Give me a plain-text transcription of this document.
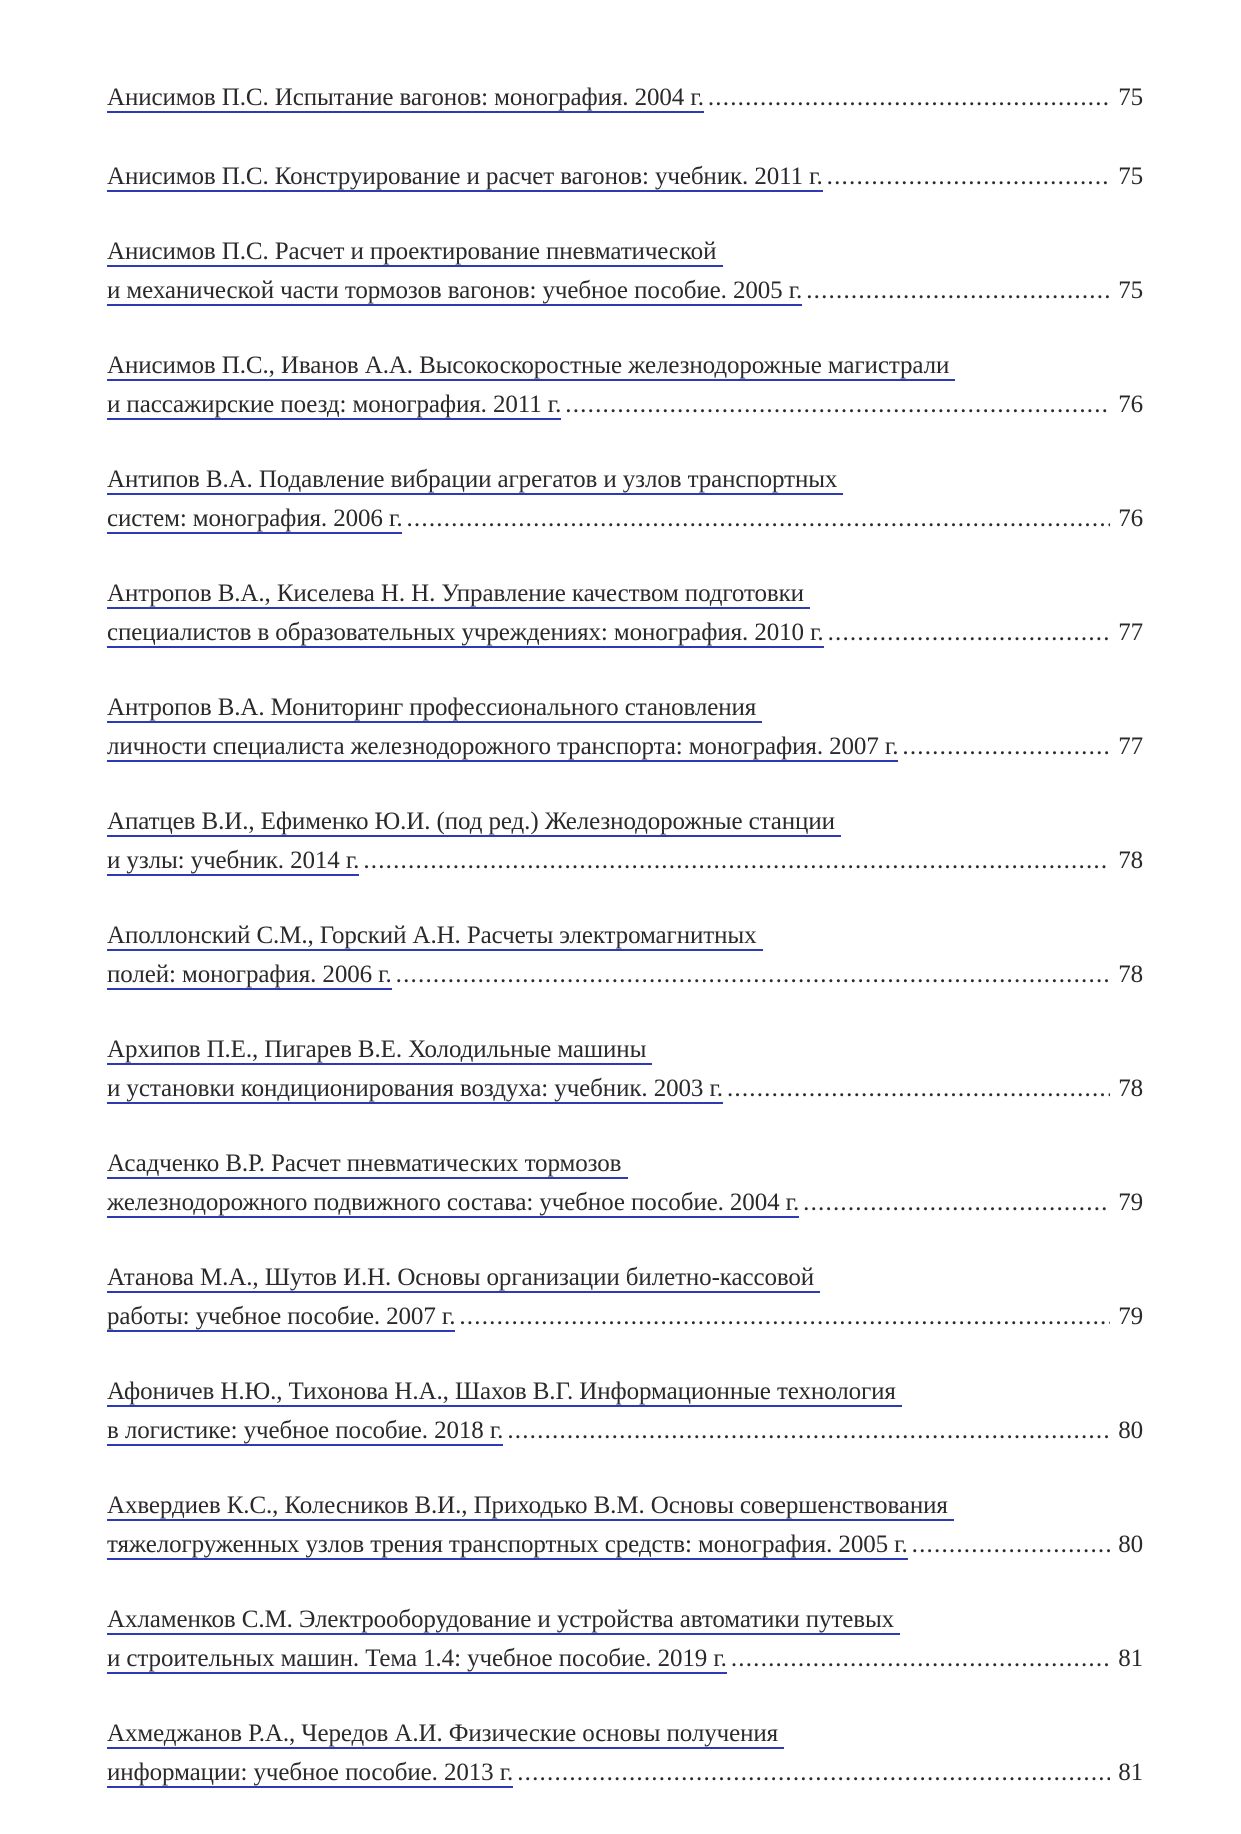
Анисимов П.С. Испытание вагонов: монография. 2004 г. .....	75
Анисимов П.С. Конструирование и расчет вагонов: учебник. 2011 г. .....	75
Анисимов П.С. Расчет и проектирование пневматической
и механической части тормозов вагонов: учебное пособие. 2005 г. .....	75
Анисимов П.С., Иванов А.А. Высокоскоростные железнодорожные магистрали
и пассажирские поезд: монография. 2011 г. .....	76
Антипов В.А. Подавление вибрации агрегатов и узлов транспортных
систем: монография. 2006 г. .....	76
Антропов В.А., Киселева Н. Н. Управление качеством подготовки
специалистов в образовательных учреждениях: монография. 2010 г. .....	77
Антропов В.А. Мониторинг профессионального становления
личности специалиста железнодорожного транспорта: монография. 2007 г. .....	77
Апатцев В.И., Ефименко Ю.И. (под ред.) Железнодорожные станции
и узлы: учебник. 2014 г. .....	78
Аполлонский С.М., Горский А.Н. Расчеты электромагнитных
полей: монография. 2006 г. .....	78
Архипов П.Е., Пигарев В.Е. Холодильные машины
и установки кондиционирования воздуха: учебник. 2003 г. .....	78
Асадченко В.Р. Расчет пневматических тормозов
железнодорожного подвижного состава: учебное пособие. 2004 г. .....	79
Атанова М.А., Шутов И.Н. Основы организации билетно-кассовой
работы: учебное пособие. 2007 г. .....	79
Афоничев Н.Ю., Тихонова Н.А., Шахов В.Г. Информационные технология
в логистике: учебное пособие. 2018 г. .....	80
Ахвердиев К.С., Колесников В.И., Приходько В.М. Основы совершенствования
тяжелогруженных узлов трения транспортных средств: монография. 2005 г. .....	80
Ахламенков С.М. Электрооборудование и устройства автоматики путевых
и строительных машин. Тема 1.4: учебное пособие. 2019 г. .....	81
Ахмеджанов Р.А., Чередов А.И. Физические основы получения
информации: учебное пособие. 2013 г. .....	81
